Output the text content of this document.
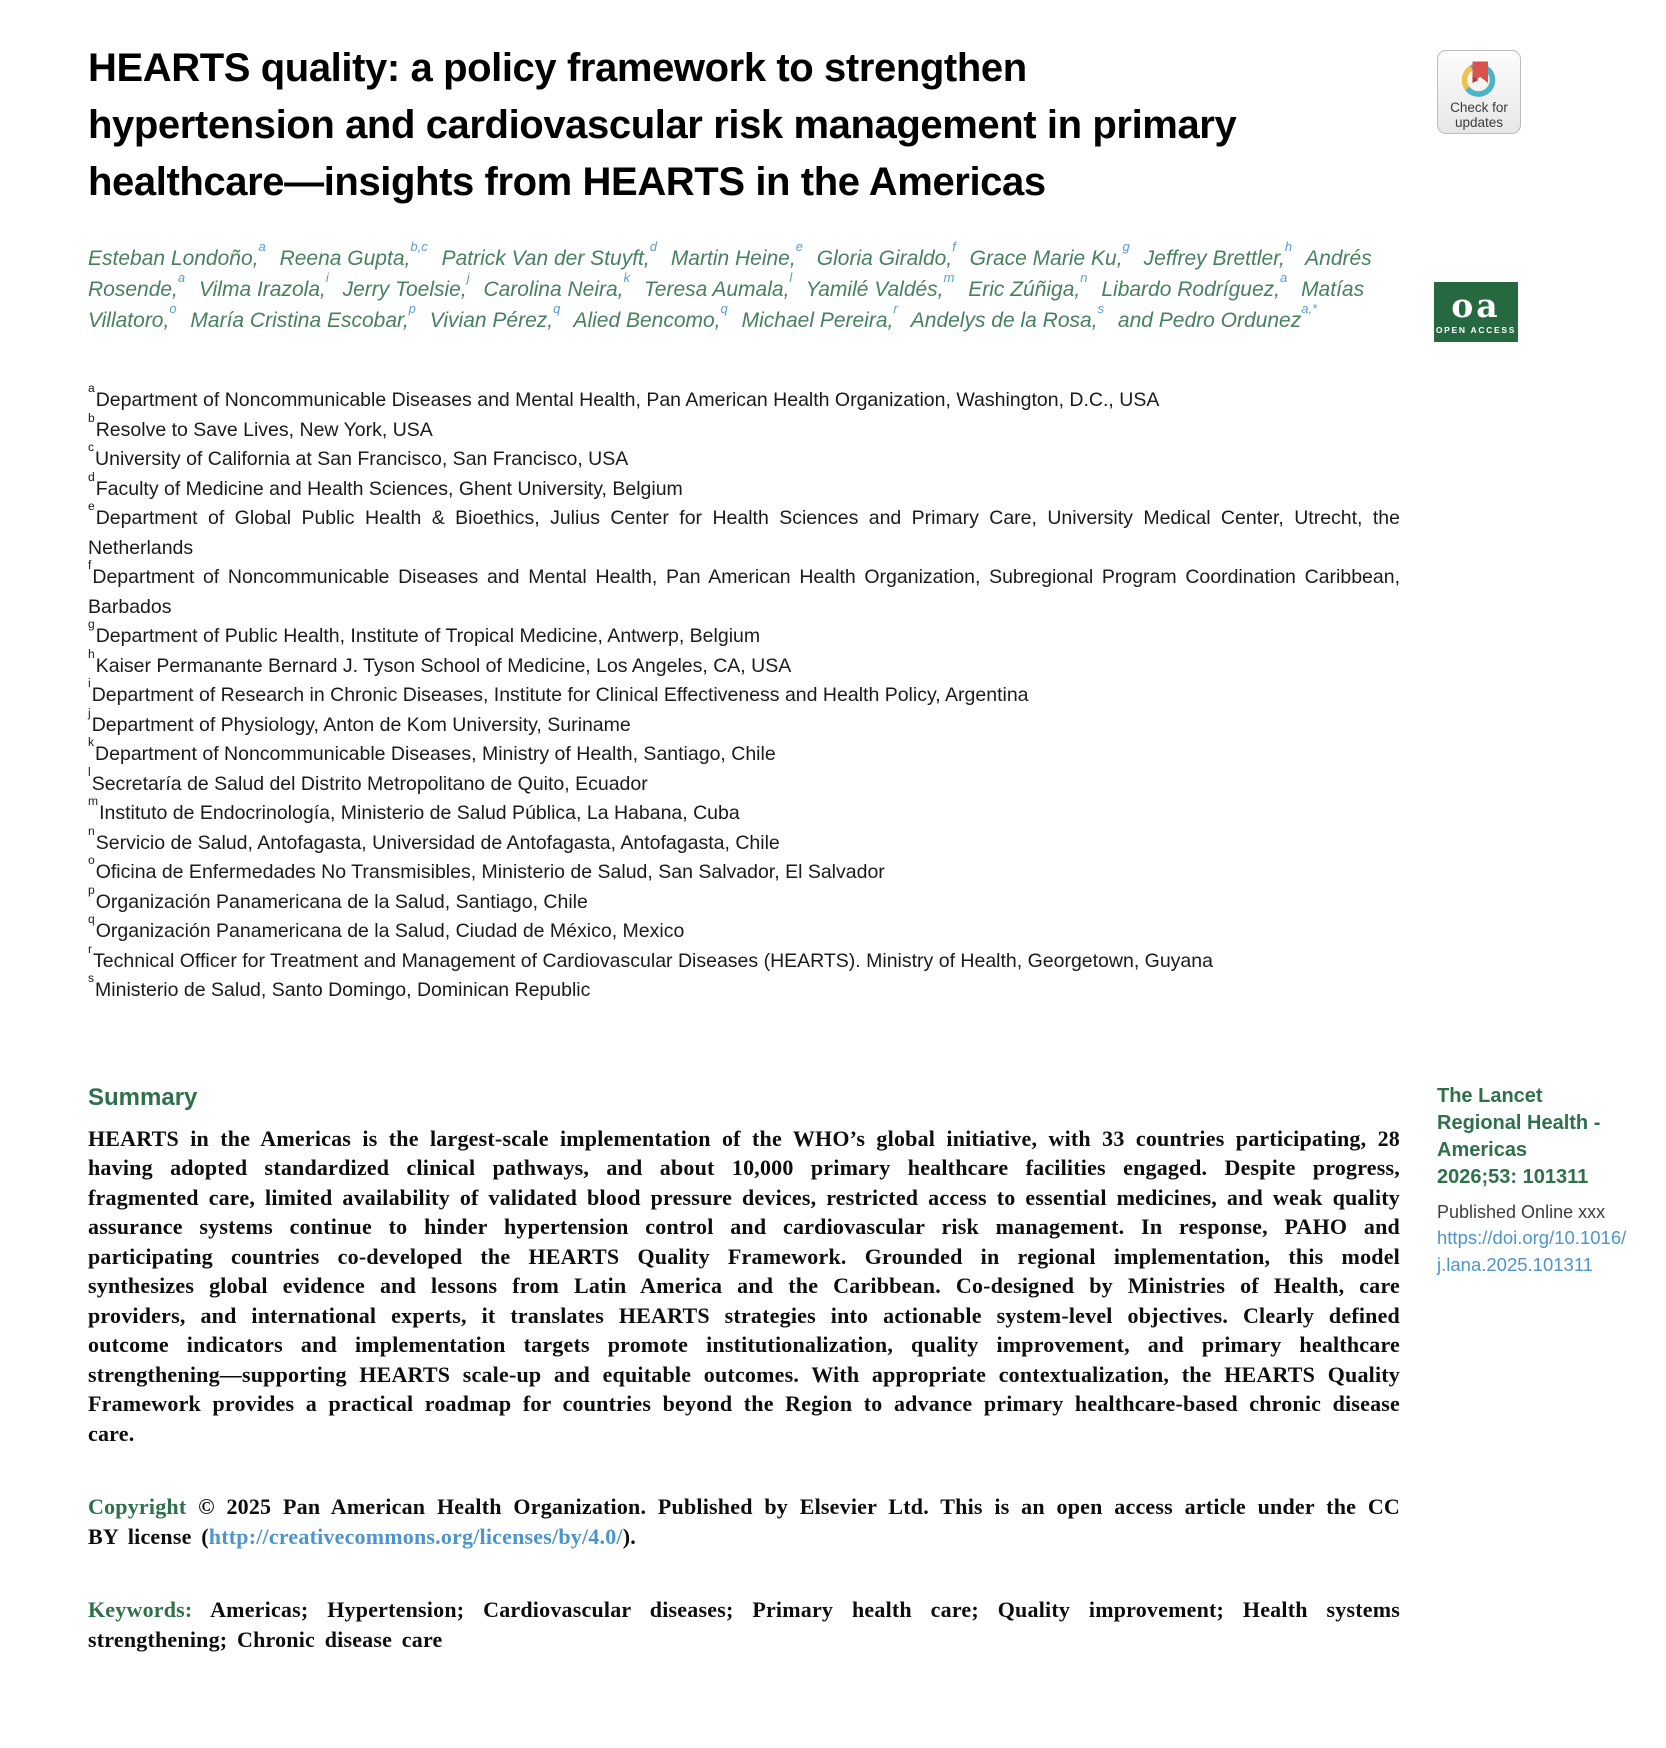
HEARTS quality: a policy framework to strengthen
hypertension and cardiovascular risk management in primary
healthcare—insights from HEARTS in the Americas
Esteban Londoño,$^a$ Reena Gupta,$^{b,c}$ Patrick Van der Stuyft,$^d$ Martin Heine,$^e$ Gloria Giraldo,$^f$ Grace Marie Ku,$^g$ Jeffrey Brettler,$^h$ Andrés Rosende,$^a$ Vilma Irazola,$^i$ Jerry Toelsie,$^j$ Carolina Neira,$^k$ Teresa Aumala,$^l$ Yamilé Valdés,$^m$ Eric Zúñiga,$^n$ Libardo Rodríguez,$^a$ Matías Villatoro,$^o$ María Cristina Escobar,$^p$ Vivian Pérez,$^q$ Alied Bencomo,$^q$ Michael Pereira,$^r$ Andelys de la Rosa,$^s$ and Pedro Ordunez$^{a,*}$
$^a$Department of Noncommunicable Diseases and Mental Health, Pan American Health Organization, Washington, D.C., USA
$^b$Resolve to Save Lives, New York, USA
$^c$University of California at San Francisco, San Francisco, USA
$^d$Faculty of Medicine and Health Sciences, Ghent University, Belgium
$^e$Department of Global Public Health & Bioethics, Julius Center for Health Sciences and Primary Care, University Medical Center, Utrecht, the Netherlands
$^f$Department of Noncommunicable Diseases and Mental Health, Pan American Health Organization, Subregional Program Coordination Caribbean, Barbados
$^g$Department of Public Health, Institute of Tropical Medicine, Antwerp, Belgium
$^h$Kaiser Permanante Bernard J. Tyson School of Medicine, Los Angeles, CA, USA
$^i$Department of Research in Chronic Diseases, Institute for Clinical Effectiveness and Health Policy, Argentina
$^j$Department of Physiology, Anton de Kom University, Suriname
$^k$Department of Noncommunicable Diseases, Ministry of Health, Santiago, Chile
$^l$Secretaría de Salud del Distrito Metropolitano de Quito, Ecuador
$^m$Instituto de Endocrinología, Ministerio de Salud Pública, La Habana, Cuba
$^n$Servicio de Salud, Antofagasta, Universidad de Antofagasta, Antofagasta, Chile
$^o$Oficina de Enfermedades No Transmisibles, Ministerio de Salud, San Salvador, El Salvador
$^p$Organización Panamericana de la Salud, Santiago, Chile
$^q$Organización Panamericana de la Salud, Ciudad de México, Mexico
$^r$Technical Officer for Treatment and Management of Cardiovascular Diseases (HEARTS). Ministry of Health, Georgetown, Guyana
$^s$Ministerio de Salud, Santo Domingo, Dominican Republic
Summary

HEARTS in the Americas is the largest-scale implementation of the WHO’s global initiative, with 33 countries participating, 28 having adopted standardized clinical pathways, and about 10,000 primary healthcare facilities engaged. Despite progress, fragmented care, limited availability of validated blood pressure devices, restricted access to essential medicines, and weak quality assurance systems continue to hinder hypertension control and cardiovascular risk management. In response, PAHO and participating countries co-developed the HEARTS Quality Framework. Grounded in regional implementation, this model synthesizes global evidence and lessons from Latin America and the Caribbean. Co-designed by Ministries of Health, care providers, and international experts, it translates HEARTS strategies into actionable system-level objectives. Clearly defined outcome indicators and implementation targets promote institutionalization, quality improvement, and primary healthcare strengthening—supporting HEARTS scale-up and equitable outcomes. With appropriate contextualization, the HEARTS Quality Framework provides a practical roadmap for countries beyond the Region to advance primary healthcare-based chronic disease care.

Copyright © 2025 Pan American Health Organization. Published by Elsevier Ltd. This is an open access article under the CC BY license (http://creativecommons.org/licenses/by/4.0/).

Keywords: Americas; Hypertension; Cardiovascular diseases; Primary health care; Quality improvement; Health systems strengthening; Chronic disease care

Check for
updates
oa
OPEN ACCESS
The Lancet Regional Health - Americas
2026;53: 101311
Published Online xxx
https://doi.org/10.1016/j.lana.2025.101311
